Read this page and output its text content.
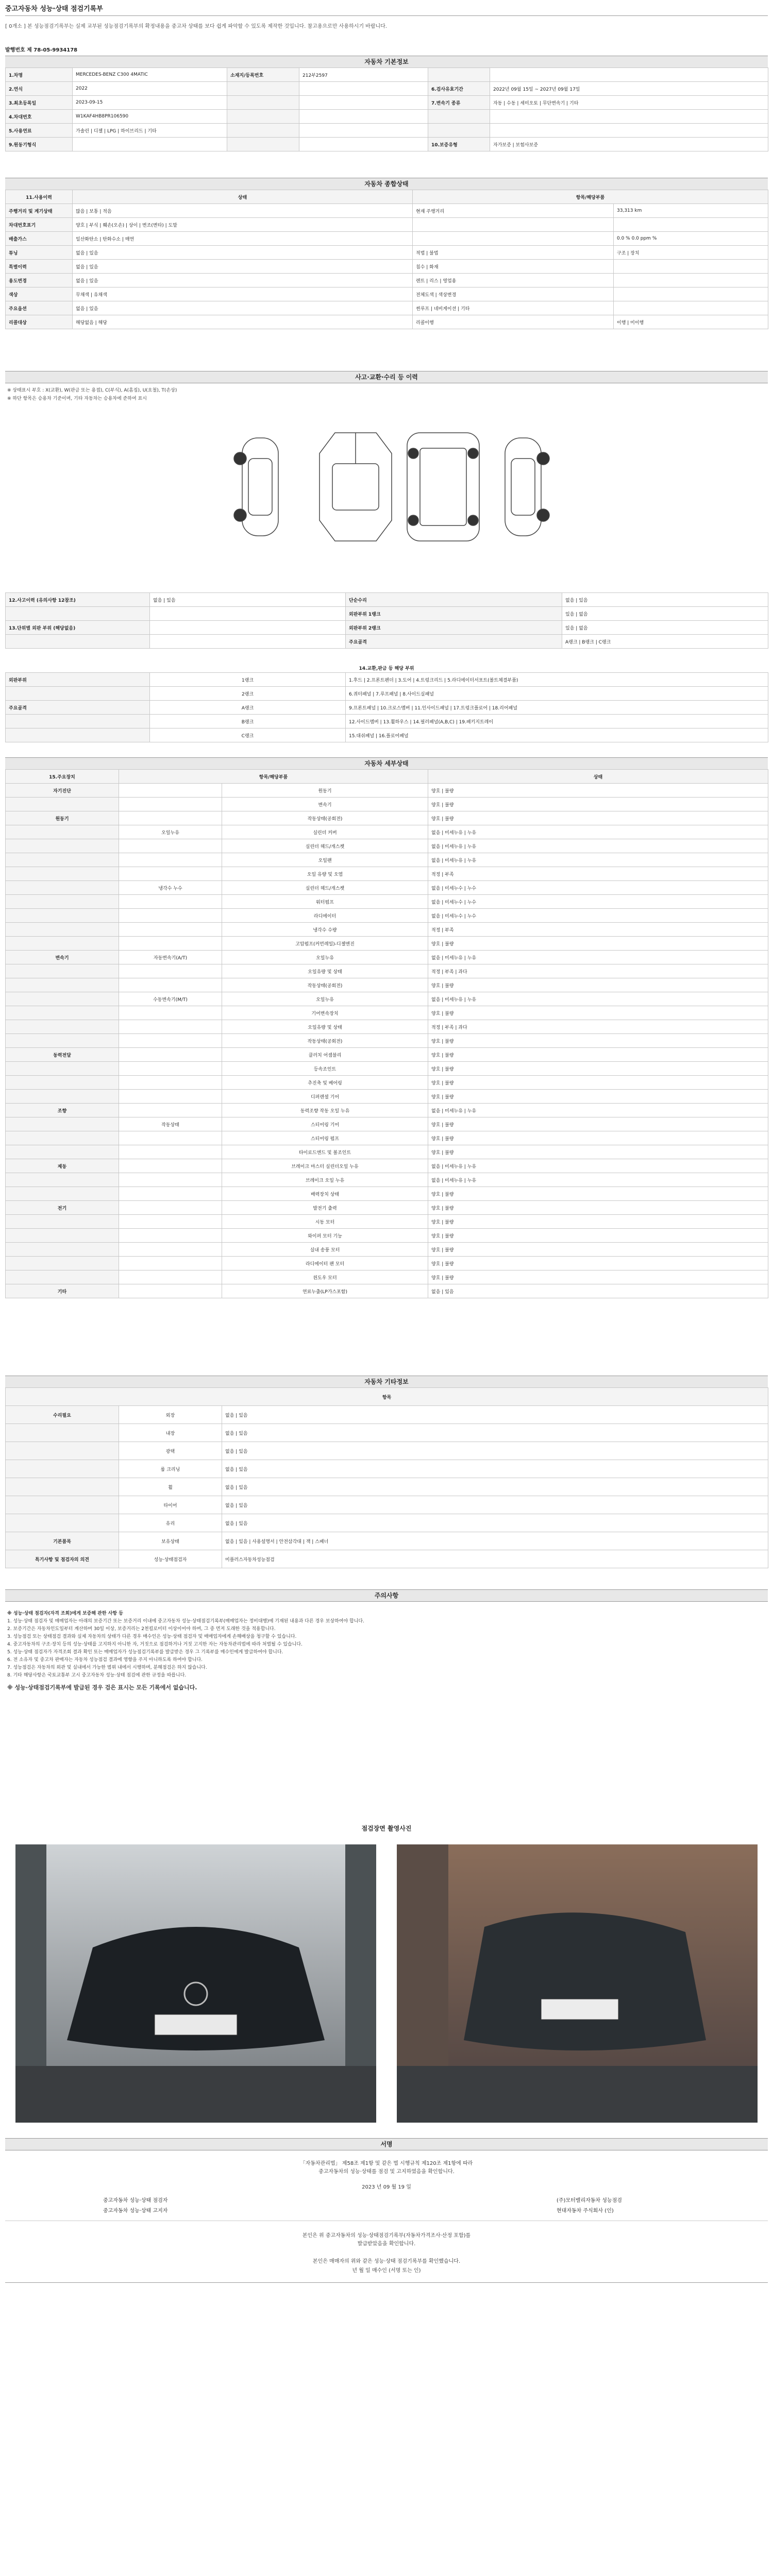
중고자동차 성능·상태 점검기록부
[ 0개소 ] 본 성능점검기록부는 실제 교부된 성능점검기록부의 확정내용을 중고차 상태를 보다 쉽게 파악할 수 있도록 제작한 것입니다. 참고용으로만 사용하시기 바랍니다.
발행번호 제 78-05-9934178
자동차 기본정보
1.차명	MERCEDES-BENZ C300 4MATIC	소재지/등록번호	212부2597		
2.연식	2022			6.검사유효기간	2022년 09월 15일 ~ 2027년 09월 17일
3.최초등록일	2023-09-15			7.변속기 종류	자동 | 수동 | 세미오토 | 무단변속기 | 기타
4.차대번호	W1KAF4HB8PR106590				
5.사용연료	가솔린 | 디젤 | LPG | 하이브리드 | 기타				
9.원동기형식				10.보증유형	자가보증 | 보험사보증
자동차 종합상태
11.사용이력	상태	항목/해당부품	
주행거리 및 계기상태	많음 | 보통 | 적음	현재 주행거리	33,313 km
차대번호표기	양호 | 부식 | 훼손(오손) | 상이 | 변조(변타) | 도말		
배출가스	일산화탄소 | 탄화수소 | 매연		0.0 % 0.0 ppm %
튜닝	없음 | 있음	적법 | 불법	구조 | 장치
특별이력	없음 | 있음	침수 | 화재	
용도변경	없음 | 있음	렌트 | 리스 | 영업용	
색상	무채색 | 유채색	전체도색 | 색상변경	
주요옵션	없음 | 있음	썬루프 | 네비게이션 | 기타	
리콜대상	해당없음 | 해당	리콜이행	이행 | 미이행
사고·교환·수리 등 이력
※ 상태표시 부호 : X(교환), W(판금 또는 용접), C(부식), A(흠집), U(요철), T(손상)
※ 하단 항목은 승용차 기준이며, 기타 자동차는 승용차에 준하여 표시
12.사고이력 (유의사항 12참조)	없음 | 있음	단순수리	없음 | 있음
		외판부위 1랭크	있음 | 없음
13.단위별 외판 부위 (해당없음)		외판부위 2랭크	있음 | 없음
		주요골격	A랭크 | B랭크 | C랭크
14.교환,판금 등 해당 부위
외판부위	1랭크	1.후드 | 2.프론트펜더 | 3.도어 | 4.트렁크리드 | 5.라디에이터서포트(볼트체결부품)
	2랭크	6.쿼터패널 | 7.루프패널 | 8.사이드실패널
주요골격	A랭크	9.프론트패널 | 10.크로스멤버 | 11.인사이드패널 | 17.트렁크플로어 | 18.리어패널
	B랭크	12.사이드멤버 | 13.휠하우스 | 14.필러패널(A,B,C) | 19.패키지트레이
	C랭크	15.대쉬패널 | 16.플로어패널
자동차 세부상태
15.주요장치	항목/해당부품		상태
자기진단		원동기	양호 | 불량
		변속기	양호 | 불량
원동기		작동상태(공회전)	양호 | 불량
	오일누유	실린더 커버	없음 | 미세누유 | 누유
		실린더 헤드/개스켓	없음 | 미세누유 | 누유
		오일팬	없음 | 미세누유 | 누유
		오일 유량 및 오염	적정 | 부족
	냉각수 누수	실린더 헤드/개스켓	없음 | 미세누수 | 누수
		워터펌프	없음 | 미세누수 | 누수
		라디에이터	없음 | 미세누수 | 누수
		냉각수 수량	적정 | 부족
		고압펌프(커먼레일)-디젤엔진	양호 | 불량
변속기	자동변속기(A/T)	오일누유	없음 | 미세누유 | 누유
		오일유량 및 상태	적정 | 부족 | 과다
		작동상태(공회전)	양호 | 불량
	수동변속기(M/T)	오일누유	없음 | 미세누유 | 누유
		기어변속장치	양호 | 불량
		오일유량 및 상태	적정 | 부족 | 과다
		작동상태(공회전)	양호 | 불량
동력전달		클러치 어셈블리	양호 | 불량
		등속조인트	양호 | 불량
		추진축 및 베어링	양호 | 불량
		디퍼렌셜 기어	양호 | 불량
조향		동력조향 작동 오일 누유	없음 | 미세누유 | 누유
	작동상태	스티어링 기어	양호 | 불량
		스티어링 펌프	양호 | 불량
		타이로드엔드 및 볼조인트	양호 | 불량
제동		브레이크 마스터 실린더오일 누유	없음 | 미세누유 | 누유
		브레이크 오일 누유	없음 | 미세누유 | 누유
		배력장치 상태	양호 | 불량
전기		발전기 출력	양호 | 불량
		시동 모터	양호 | 불량
		와이퍼 모터 기능	양호 | 불량
		실내 송풍 모터	양호 | 불량
		라디에이터 팬 모터	양호 | 불량
		윈도우 모터	양호 | 불량
기타		연료누출(LP가스포함)	없음 | 있음
자동차 기타정보
항목		
수리필요	외장	없음 | 있음
	내장	없음 | 있음
	광택	없음 | 있음
	룸 크리닝	없음 | 있음
	휠	없음 | 있음
	타이어	없음 | 있음
	유리	없음 | 있음
기본품목	보유상태	없음 | 있음 | 사용설명서 | 안전삼각대 | 잭 | 스패너
특기사항 및 점검자의 의견	성능·상태점검자	미플러스자동차성능점검
주의사항
※ 성능·상태 점검자(자격 조회)에게 보증해 관한 사항 등
1. 성능·상태 점검자 및 매매업자는 아래의 보증기간 또는 보증거리 이내에 중고자동차 성능·상태점검기록부(매매업자는 정비대행)에 기재된 내용과 다른 경우 보상하여야 합니다.
2. 보증기간은 자동차인도일부터 계산하며 30일 이상, 보증거리는 2천킬로미터 이상이어야 하며, 그 중 먼저 도래한 것을 적용합니다.
3. 성능점검 또는 상태점검 결과와 실제 자동차의 상태가 다른 경우 매수인은 성능·상태 점검자 및 매매업자에게 손해배상을 청구할 수 있습니다.
4. 중고자동차의 구조·장치 등의 성능·상태를 고지하지 아니한 자, 거짓으로 점검하거나 거짓 고지한 자는 자동차관리법에 따라 처벌될 수 있습니다.
5. 성능·상태 점검자가 자격조회 결과 확인 또는 매매업자가 성능점검기록부를 발급받은 경우 그 기록부를 매수인에게 발급하여야 합니다.
6. 전 소유자 및 중고차 판매자는 자동차 성능점검 결과에 영향을 주지 아니하도록 하여야 합니다.
7. 성능점검은 자동차의 외관 및 실내에서 가능한 범위 내에서 시행하며, 분해점검은 하지 않습니다.
8. 기타 해당사항은 국토교통부 고시 중고자동차 성능·상태 점검에 관한 규정을 따릅니다.
※ 성능·상태점검기록부에 발급된 경우 검은 표시는 모든 기록에서 없습니다.
점검장면 촬영사진
서명
「자동차관리법」 제58조 제1항 및 같은 법 시행규칙 제120조 제1항에 따라
중고자동차의 성능·상태를 점검 및 고지하였음을 확인합니다.
2023 년 09 월 19 일
중고자동차 성능·상태 점검자	(주)모터밸리자동차 성능점검
중고자동차 성능·상태 고지자	현대자동차 주식회사 (인)
본인은 위 중고자동차의 성능·상태점검기록부(자동차가격조사·산정 포함)를
발급받았음을 확인합니다.
본인은 매매자의 위와 같은 성능·상태 점검기록부를 확인했습니다.
년 월 일 매수인 (서명 또는 인)
